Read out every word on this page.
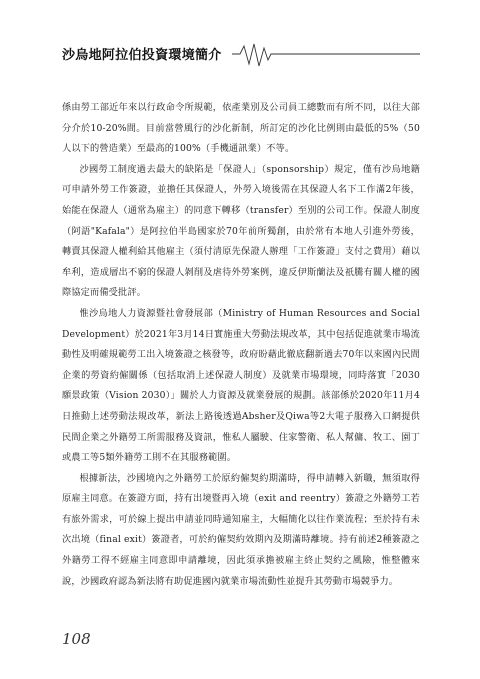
沙烏地阿拉伯投資環境簡介

係由勞工部近年來以行政命令所規範，依產業別及公司員工總數而有所不同，以往大部分介於10-20%間。目前當營風行的沙化新制，所訂定的沙化比例則由最低的5%（50人以下的營造業）至最高的100%（手機通訊業）不等。

沙國勞工制度過去最大的缺陷是「保證人」（sponsorship）規定，僅有沙烏地籍可申請外勞工作簽證，並擔任其保證人，外勞入境後需在其保證人名下工作滿2年後，始能在保證人（通常為雇主）的同意下轉移（transfer）至別的公司工作。保證人制度（阿語"Kafala"）是阿拉伯半島國家於70年前所獨創，由於常有本地人引進外勞後，轉賣其保證人權利給其他雇主（須付清原先保證人辦理「工作簽證」支付之費用）藉以牟利，造成層出不窮的保證人剝削及虐待外勞案例，違反伊斯蘭法及祇騰有關人權的國際協定而備受批評。

惟沙烏地人力資源暨社會發展部（Ministry of Human Resources and Social Development）於2021年3月14日實施重大勞動法規改革，其中包括促進就業市場流動性及明確規範勞工出入境簽證之核發等，政府盼藉此徹底翻新過去70年以來國內民間企業的勞資約僱關係（包括取消上述保證人制度）及就業市場環境，同時落實「2030願景政策（Vision 2030）」關於人力資源及就業發展的規劃。該部係於2020年11月4日推動上述勞動法規改革，新法上路後透過Absher及Qiwa等2大電子服務入口網提供民間企業之外籍勞工所需服務及資訊，惟私人屬駛、住家警衛、私人幫傭、牧工、園丁或農工等5類外籍勞工則不在其服務範圍。

根據新法，沙國境內之外籍勞工於原約僱契約期滿時，得申請轉入新職，無須取得原雇主同意。在簽證方面，持有出境暨再入境（exit and reentry）簽證之外籍勞工若有旅外需求，可於線上提出申請並同時通知雇主，大幅簡化以往作業流程；至於持有未次出境（final exit）簽證者，可於約僱契約效期內及期滿時離境。持有前述2種簽證之外籍勞工得不經雇主同意即申請離境，因此須承擔被雇主終止契約之風險，惟整體來說，沙國政府認為新法將有助促進國內就業市場流動性並提升其勞動市場競爭力。

108
